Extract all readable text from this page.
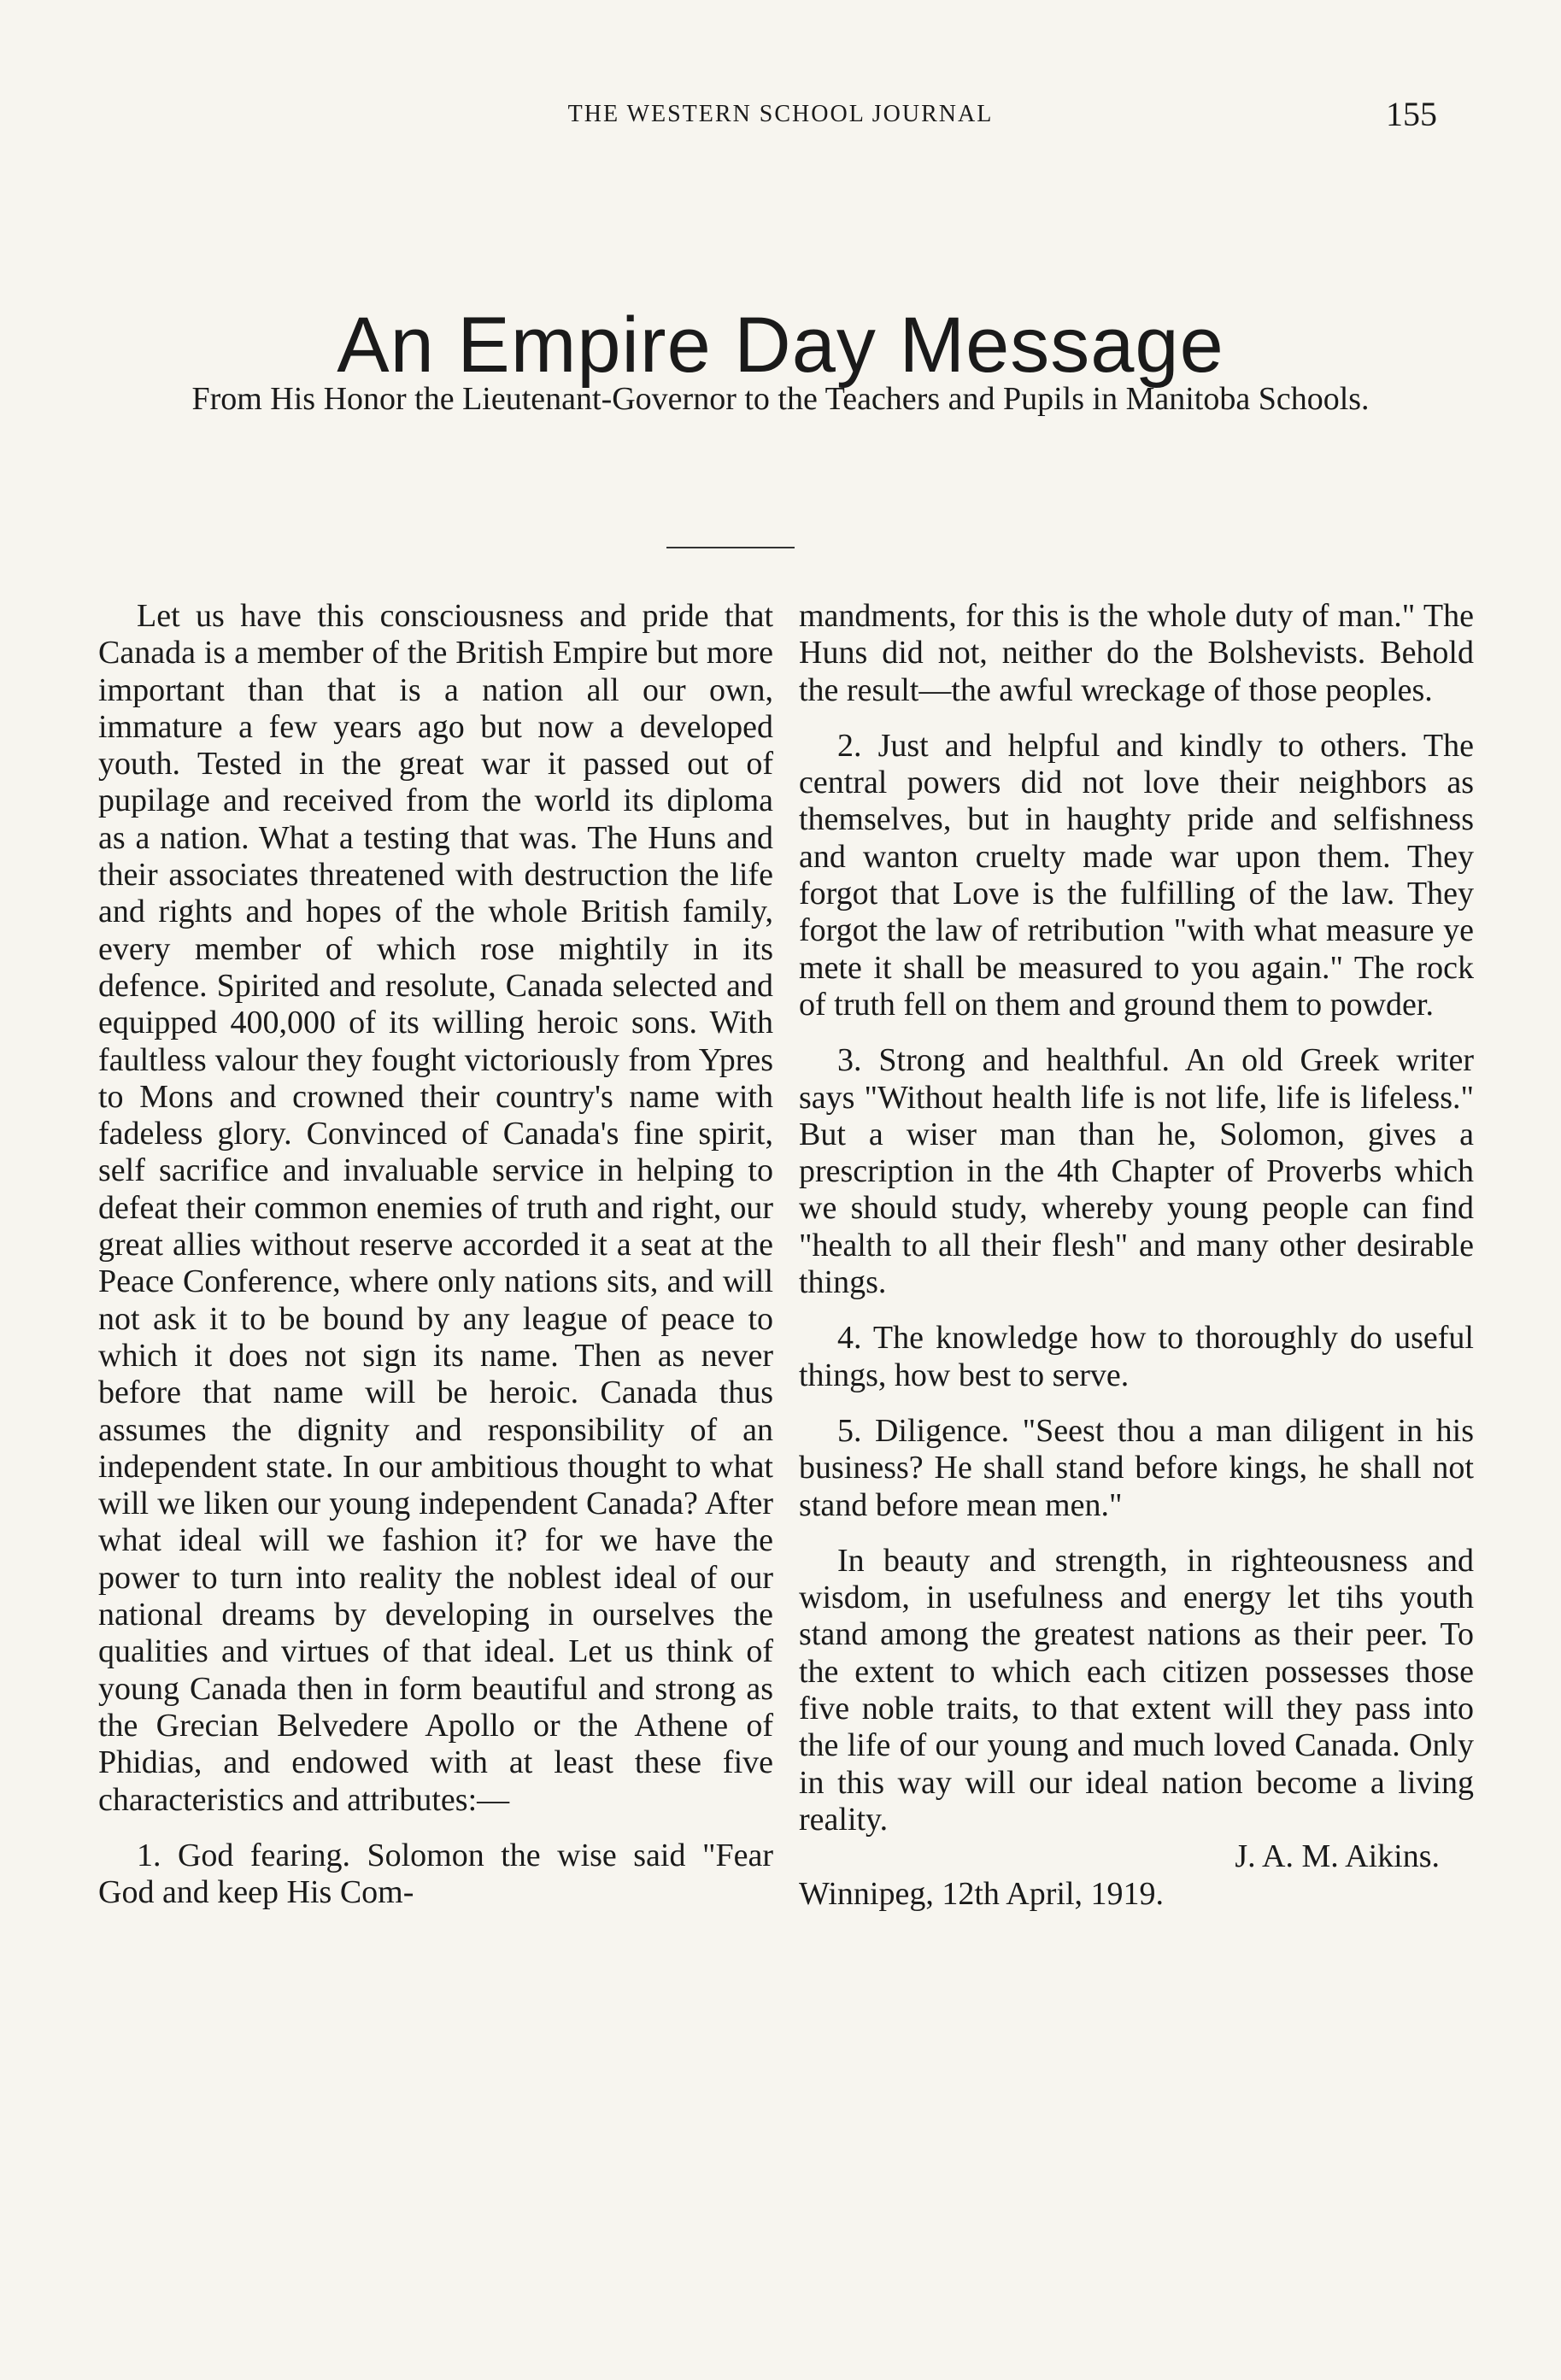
THE WESTERN SCHOOL JOURNAL	155
An Empire Day Message
From His Honor the Lieutenant-Governor to the Teachers and Pupils in Manitoba Schools.

Let us have this consciousness and pride that Canada is a member of the British Empire but more important than that is a nation all our own, immature a few years ago but now a developed youth. Tested in the great war it passed out of pupilage and received from the world its diploma as a nation. What a testing that was. The Huns and their associates threatened with destruction the life and rights and hopes of the whole British family, every member of which rose mightily in its defence. Spirited and resolute, Canada selected and equipped 400,000 of its willing heroic sons. With faultless valour they fought victoriously from Ypres to Mons and crowned their country's name with fadeless glory. Convinced of Canada's fine spirit, self sacrifice and invaluable service in helping to defeat their common enemies of truth and right, our great allies without reserve accorded it a seat at the Peace Conference, where only nations sits, and will not ask it to be bound by any league of peace to which it does not sign its name. Then as never before that name will be heroic. Canada thus assumes the dignity and responsibility of an independent state. In our ambitious thought to what will we liken our young independent Canada? After what ideal will we fashion it? for we have the power to turn into reality the noblest ideal of our national dreams by developing in ourselves the qualities and virtues of that ideal. Let us think of young Canada then in form beautiful and strong as the Grecian Belvedere Apollo or the Athene of Phidias, and endowed with at least these five characteristics and attributes:—

1. God fearing. Solomon the wise said "Fear God and keep His Com-

mandments, for this is the whole duty of man." The Huns did not, neither do the Bolshevists. Behold the result—the awful wreckage of those peoples.

2. Just and helpful and kindly to others. The central powers did not love their neighbors as themselves, but in haughty pride and selfishness and wanton cruelty made war upon them. They forgot that Love is the fulfilling of the law. They forgot the law of retribution "with what measure ye mete it shall be measured to you again." The rock of truth fell on them and ground them to powder.

3. Strong and healthful. An old Greek writer says "Without health life is not life, life is lifeless." But a wiser man than he, Solomon, gives a prescription in the 4th Chapter of Proverbs which we should study, whereby young people can find "health to all their flesh" and many other desirable things.

4. The knowledge how to thoroughly do useful things, how best to serve.

5. Diligence. "Seest thou a man diligent in his business? He shall stand before kings, he shall not stand before mean men."

In beauty and strength, in righteousness and wisdom, in usefulness and energy let tihs youth stand among the greatest nations as their peer. To the extent to which each citizen possesses those five noble traits, to that extent will they pass into the life of our young and much loved Canada. Only in this way will our ideal nation become a living reality.

J. A. M. Aikins.

Winnipeg, 12th April, 1919.
